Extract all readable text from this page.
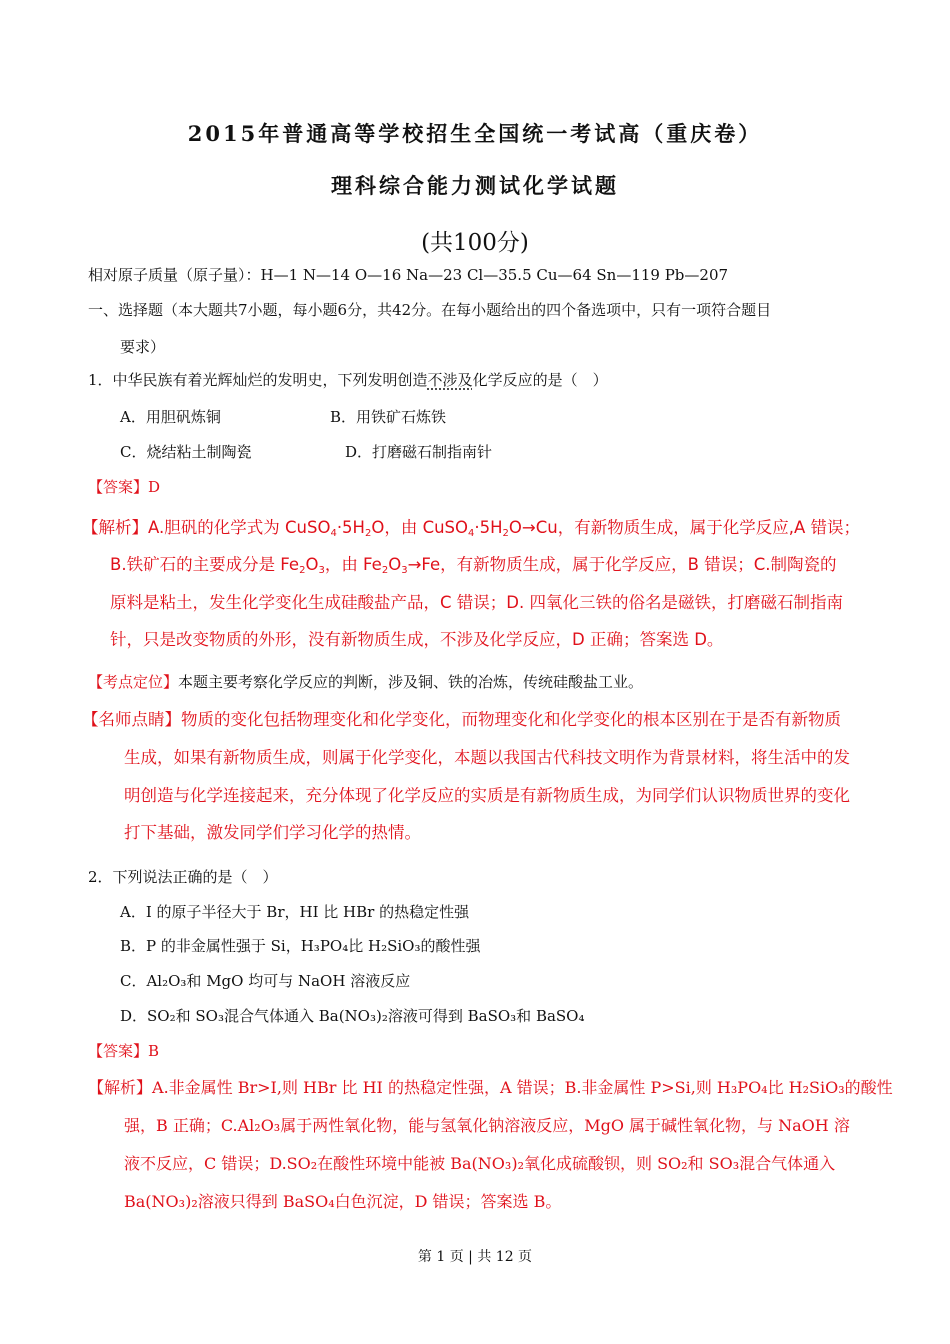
2015年普通高等学校招生全国统一考试高（重庆卷）
理科综合能力测试化学试题
(共100分)
相对原子质量（原子量）：H—1 N—14 O—16 Na—23 Cl—35.5 Cu—64 Sn—119 Pb—207
一、选择题（本大题共7小题，每小题6分，共42分。在每小题给出的四个备选项中，只有一项符合题目
要求）
1．中华民族有着光辉灿烂的发明史，下列发明创造不涉及化学反应的是（　）
A．用胆矾炼铜	B．用铁矿石炼铁
C．烧结粘土制陶瓷	D．打磨磁石制指南针
【答案】D
【解析】A.胆矾的化学式为 $CuSO_4\cdot 5H_2O$，由 $CuSO_4\cdot 5H_2O\to Cu$，有新物质生成，属于化学反应,A 错误；
B.铁矿石的主要成分是 $Fe_2O_3$，由 $Fe_2O_3\to Fe$，有新物质生成，属于化学反应，B 错误；C.制陶瓷的
原料是粘土，发生化学变化生成硅酸盐产品，C 错误；D. 四氧化三铁的俗名是磁铁，打磨磁石制指南
针，只是改变物质的外形，没有新物质生成，不涉及化学反应，D 正确；答案选 D。
【考点定位】本题主要考察化学反应的判断，涉及铜、铁的冶炼，传统硅酸盐工业。
【名师点睛】物质的变化包括物理变化和化学变化，而物理变化和化学变化的根本区别在于是否有新物质
生成，如果有新物质生成，则属于化学变化，本题以我国古代科技文明作为背景材料，将生活中的发
明创造与化学连接起来，充分体现了化学反应的实质是有新物质生成，为同学们认识物质世界的变化
打下基础，激发同学们学习化学的热情。
2．下列说法正确的是（　）
A．I 的原子半径大于 Br，HI 比 HBr 的热稳定性强
B．P 的非金属性强于 Si，H₃PO₄比 H₂SiO₃的酸性强
C．Al₂O₃和 MgO 均可与 NaOH 溶液反应
D．SO₂和 SO₃混合气体通入 Ba(NO₃)₂溶液可得到 BaSO₃和 BaSO₄
【答案】B
【解析】A.非金属性 Br>I,则 HBr 比 HI 的热稳定性强，A 错误；B.非金属性 P>Si,则 H₃PO₄比 H₂SiO₃的酸性
强，B 正确；C.Al₂O₃属于两性氧化物，能与氢氧化钠溶液反应，MgO 属于碱性氧化物，与 NaOH 溶
液不反应，C 错误；D.SO₂在酸性环境中能被 Ba(NO₃)₂氧化成硫酸钡，则 SO₂和 SO₃混合气体通入
Ba(NO₃)₂溶液只得到 BaSO₄白色沉淀，D 错误；答案选 B。
第 1 页 | 共 12 页
